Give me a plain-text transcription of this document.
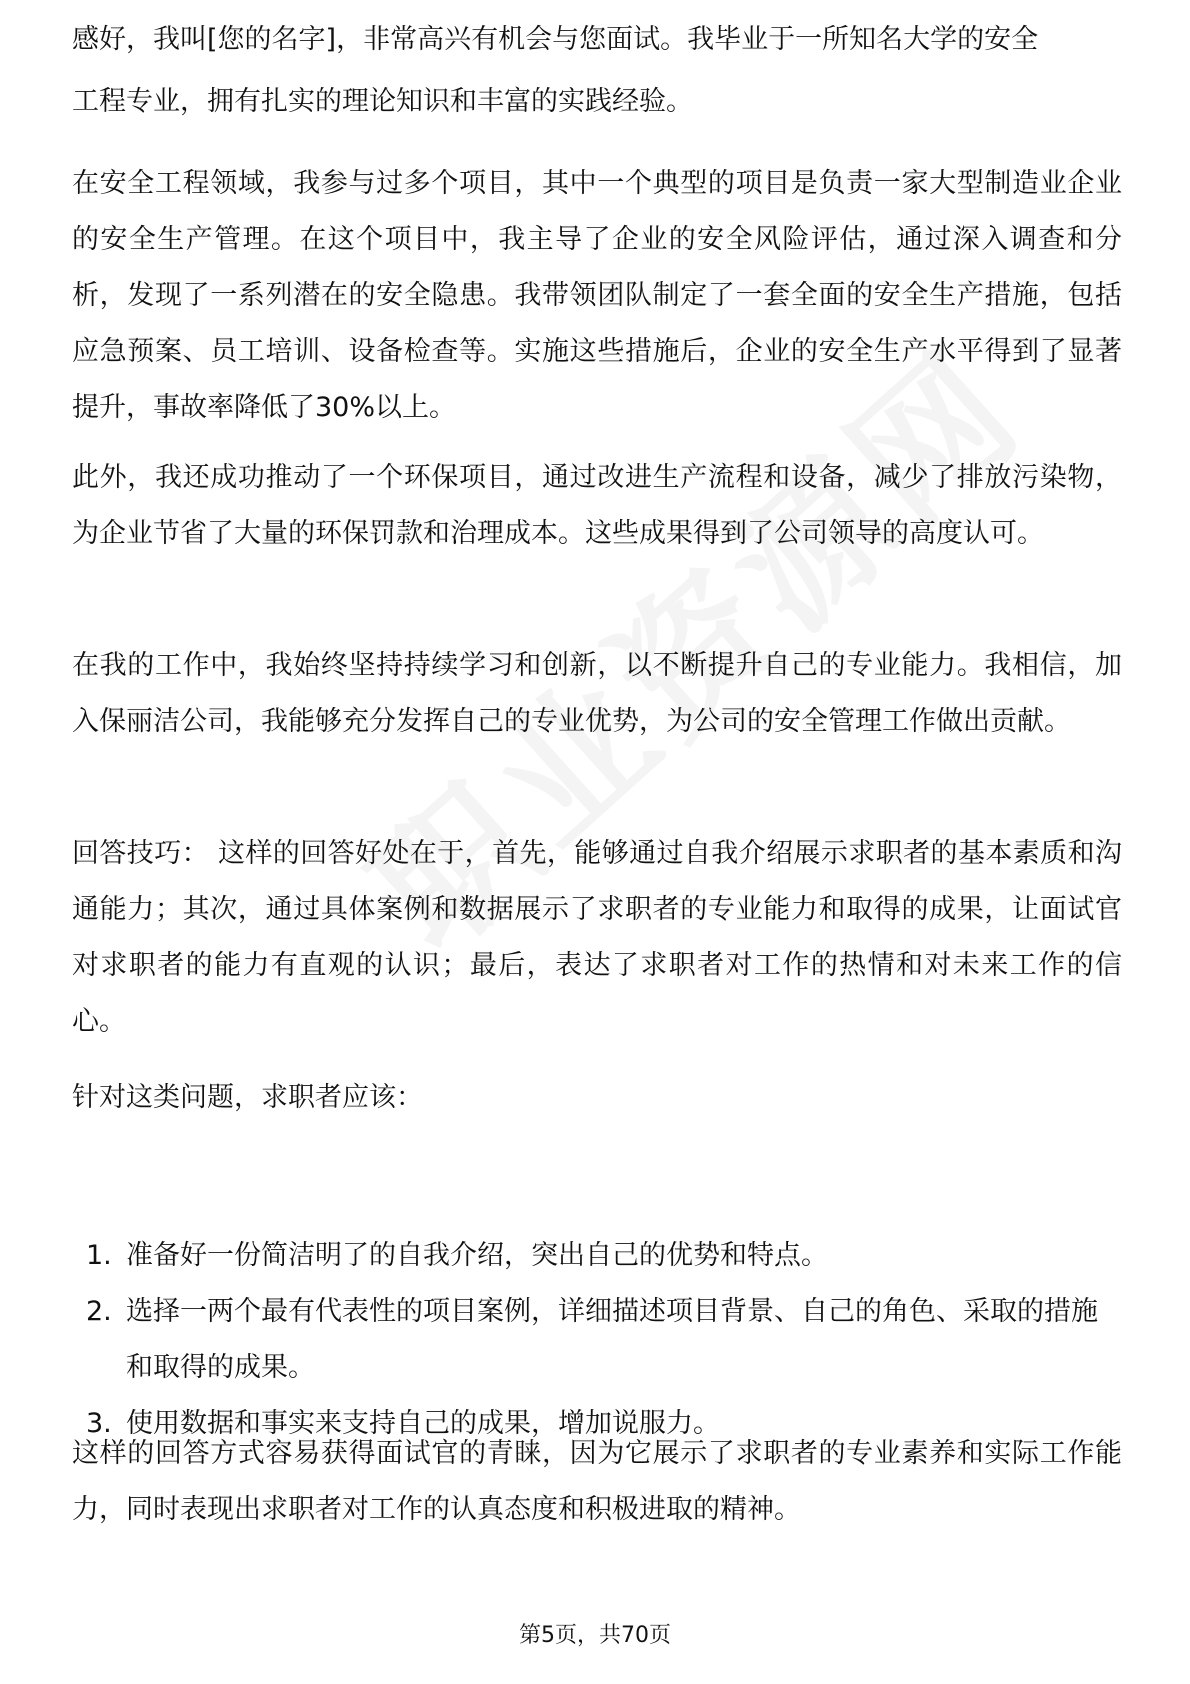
感好，我叫[您的名字]，非常高兴有机会与您面试。我毕业于一所知名大学的安全

工程专业，拥有扎实的理论知识和丰富的实践经验。

在安全工程领域，我参与过多个项目，其中一个典型的项目是负责一家大型制造业企业的安全生产管理。在这个项目中，我主导了企业的安全风险评估，通过深入调查和分析，发现了一系列潜在的安全隐患。我带领团队制定了一套全面的安全生产措施，包括应急预案、员工培训、设备检查等。实施这些措施后，企业的安全生产水平得到了显著提升，事故率降低了30%以上。

此外，我还成功推动了一个环保项目，通过改进生产流程和设备，减少了排放污染物，为企业节省了大量的环保罚款和治理成本。这些成果得到了公司领导的高度认可。

在我的工作中，我始终坚持持续学习和创新，以不断提升自己的专业能力。我相信，加入保丽洁公司，我能够充分发挥自己的专业优势，为公司的安全管理工作做出贡献。

回答技巧： 这样的回答好处在于，首先，能够通过自我介绍展示求职者的基本素质和沟通能力；其次，通过具体案例和数据展示了求职者的专业能力和取得的成果，让面试官对求职者的能力有直观的认识；最后，表达了求职者对工作的热情和对未来工作的信心。

针对这类问题，求职者应该：

1. 准备好一份简洁明了的自我介绍，突出自己的优势和特点。
2. 选择一两个最有代表性的项目案例，详细描述项目背景、自己的角色、采取的措施和取得的成果。
3. 使用数据和事实来支持自己的成果，增加说服力。

这样的回答方式容易获得面试官的青睐，因为它展示了求职者的专业素养和实际工作能力，同时表现出求职者对工作的认真态度和积极进取的精神。

第5页，共70页
